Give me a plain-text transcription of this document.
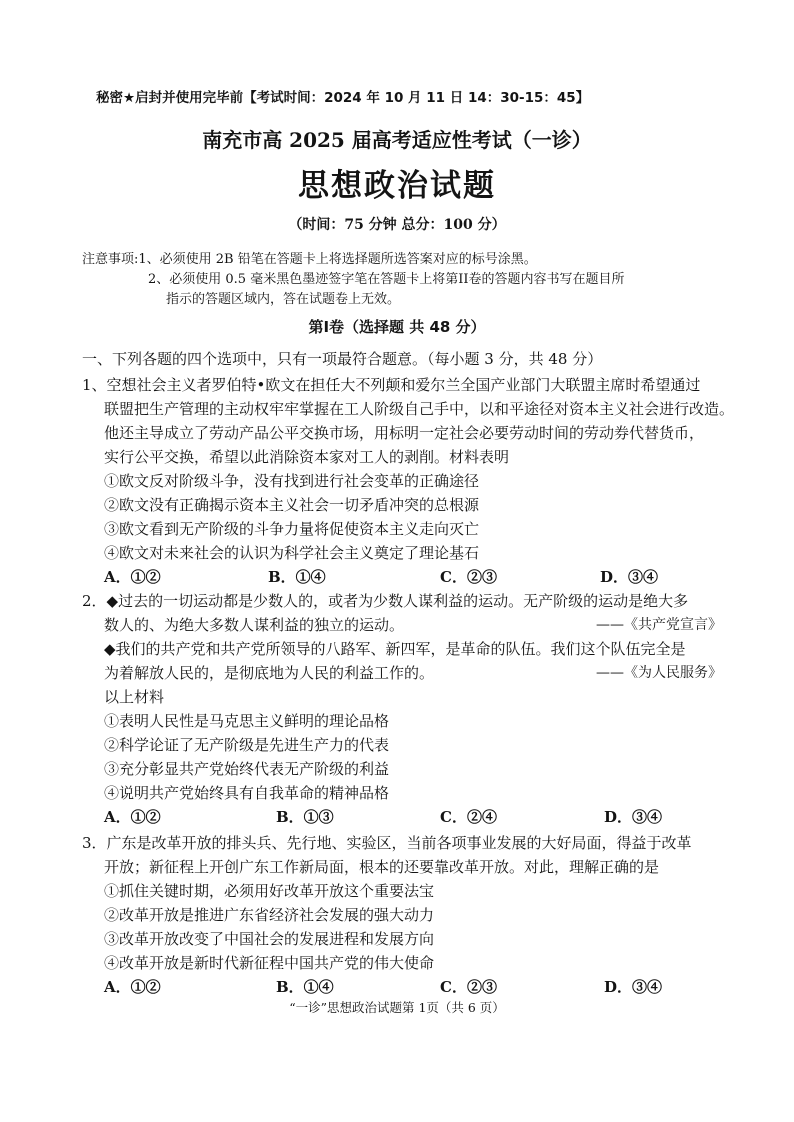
秘密★启封并使用完毕前【考试时间：2024 年 10 月 11 日 14：30-15：45】
南充市高 2025 届高考适应性考试（一诊）
思想政治试题
（时间：75 分钟 总分：100 分）
注意事项:1、必须使用 2B 铅笔在答题卡上将选择题所选答案对应的标号涂黑。
2、必须使用 0.5 毫米黑色墨迹签字笔在答题卡上将第II卷的答题内容书写在题目所
指示的答题区域内，答在试题卷上无效。
第I卷（选择题 共 48 分）
一、下列各题的四个选项中，只有一项最符合题意。（每小题 3 分，共 48 分）
1、空想社会主义者罗伯特•欧文在担任大不列颠和爱尔兰全国产业部门大联盟主席时希望通过
联盟把生产管理的主动权牢牢掌握在工人阶级自己手中，以和平途径对资本主义社会进行改造。
他还主导成立了劳动产品公平交换市场，用标明一定社会必要劳动时间的劳动券代替货币，
实行公平交换，希望以此消除资本家对工人的剥削。材料表明
①欧文反对阶级斗争，没有找到进行社会变革的正确途径
②欧文没有正确揭示资本主义社会一切矛盾冲突的总根源
③欧文看到无产阶级的斗争力量将促使资本主义走向灭亡
④欧文对未来社会的认识为科学社会主义奠定了理论基石
A．①②	B．①④	C．②③	D．③④
2．◆过去的一切运动都是少数人的，或者为少数人谋利益的运动。无产阶级的运动是绝大多
数人的、为绝大多数人谋利益的独立的运动。	——《共产党宣言》
◆我们的共产党和共产党所领导的八路军、新四军，是革命的队伍。我们这个队伍完全是
为着解放人民的，是彻底地为人民的利益工作的。	——《为人民服务》
以上材料
①表明人民性是马克思主义鲜明的理论品格
②科学论证了无产阶级是先进生产力的代表
③充分彰显共产党始终代表无产阶级的利益
④说明共产党始终具有自我革命的精神品格
A．①②	B．①③	C．②④	D．③④
3．广东是改革开放的排头兵、先行地、实验区，当前各项事业发展的大好局面，得益于改革
开放；新征程上开创广东工作新局面，根本的还要靠改革开放。对此，理解正确的是
①抓住关键时期，必须用好改革开放这个重要法宝
②改革开放是推进广东省经济社会发展的强大动力
③改革开放改变了中国社会的发展进程和发展方向
④改革开放是新时代新征程中国共产党的伟大使命
A．①②	B．①④	C．②③	D．③④
“一诊”思想政治试题第 1页（共 6 页）
